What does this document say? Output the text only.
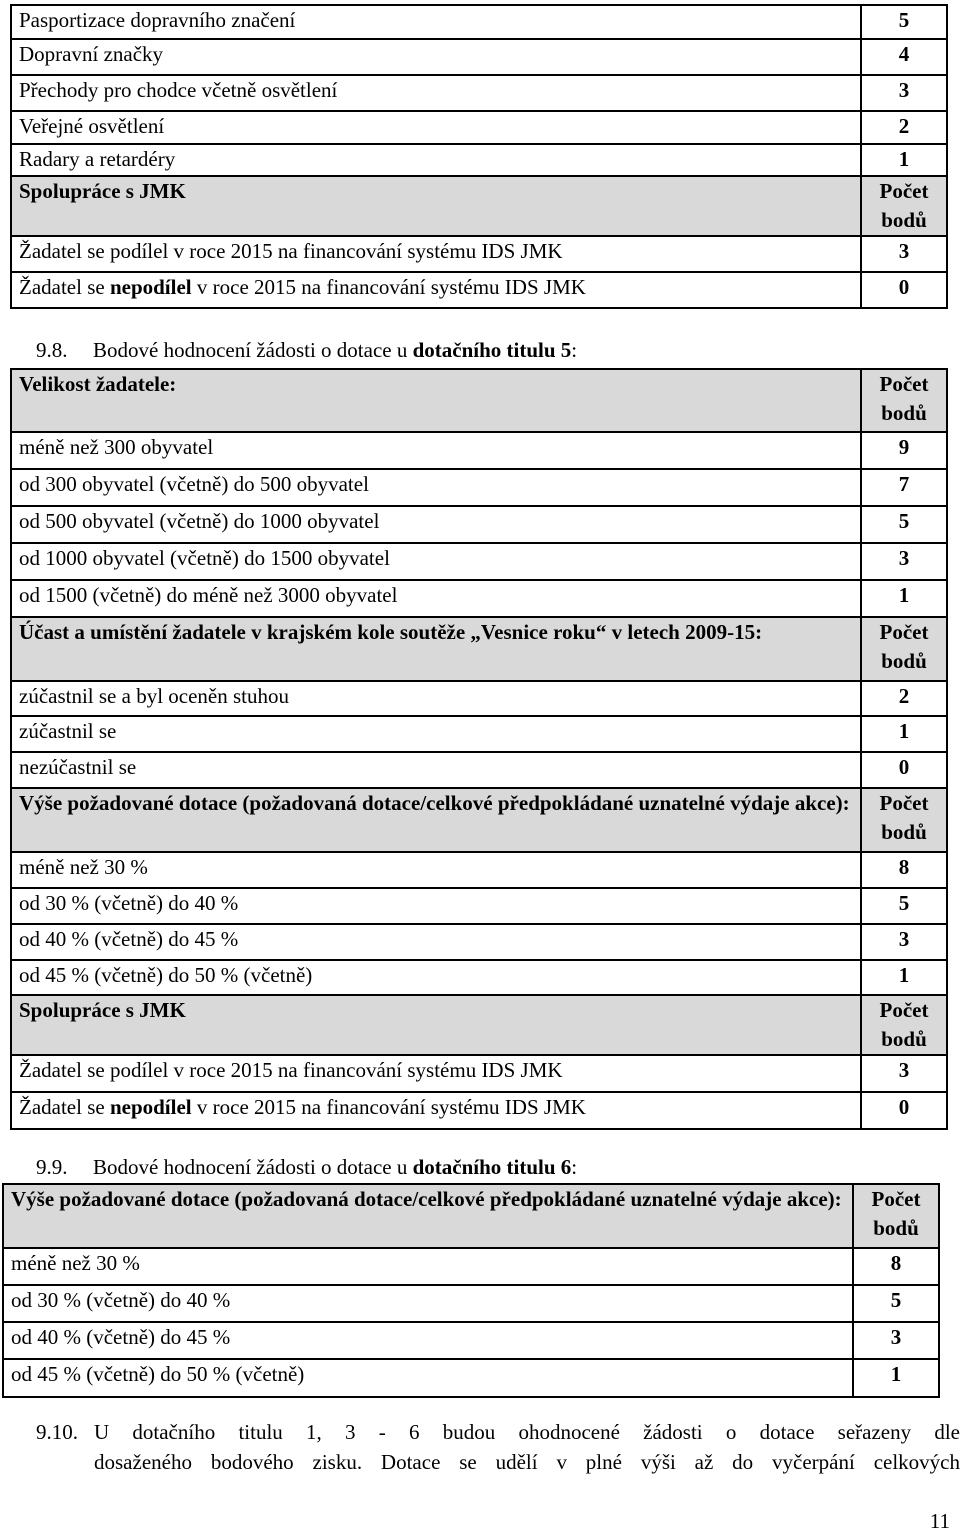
Pasportizace dopravního značení	5
Dopravní značky	4
Přechody pro chodce včetně osvětlení	3
Veřejné osvětlení	2
Radary a retardéry	1
Spolupráce s JMK	Počet bodů
Žadatel se podílel v roce 2015 na financování systému IDS JMK	3
Žadatel se nepodílel v roce 2015 na financování systému IDS JMK	0
9.8. Bodové hodnocení žádosti o dotace u dotačního titulu 5:
Velikost žadatele:	Počet bodů
méně než 300 obyvatel	9
od 300 obyvatel (včetně) do 500 obyvatel	7
od 500 obyvatel (včetně) do 1000 obyvatel	5
od 1000 obyvatel (včetně) do 1500 obyvatel	3
od 1500 (včetně) do méně než 3000 obyvatel	1
Účast a umístění žadatele v krajském kole soutěže „Vesnice roku“ v letech 2009-15:	Počet bodů
zúčastnil se a byl oceněn stuhou	2
zúčastnil se	1
nezúčastnil se	0
Výše požadované dotace (požadovaná dotace/celkové předpokládané uznatelné výdaje akce):	Počet bodů
méně než 30 %	8
od 30 % (včetně) do 40 %	5
od 40 % (včetně) do 45 %	3
od 45 % (včetně) do 50 % (včetně)	1
Spolupráce s JMK	Počet bodů
Žadatel se podílel v roce 2015 na financování systému IDS JMK	3
Žadatel se nepodílel v roce 2015 na financování systému IDS JMK	0
9.9. Bodové hodnocení žádosti o dotace u dotačního titulu 6:
Výše požadované dotace (požadovaná dotace/celkové předpokládané uznatelné výdaje akce):	Počet bodů
méně než 30 %	8
od 30 % (včetně) do 40 %	5
od 40 % (včetně) do 45 %	3
od 45 % (včetně) do 50 % (včetně)	1
9.10. U dotačního titulu 1, 3 - 6 budou ohodnocené žádosti o dotace seřazeny dle
dosaženého bodového zisku. Dotace se udělí v plné výši až do vyčerpání celkových
11
